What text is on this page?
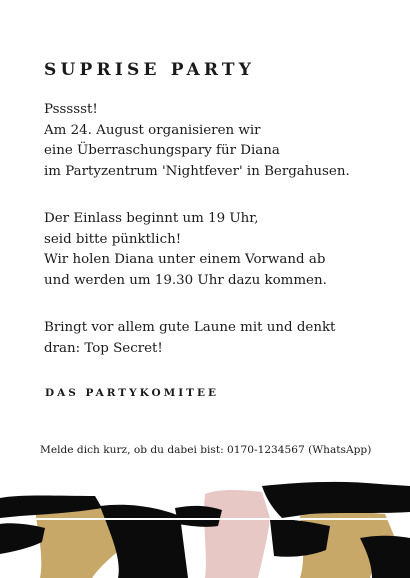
SUPRISE PARTY
Pssssst!
Am 24. August organisieren wir
eine Überraschungspary für Diana
im Partyzentrum 'Nightfever' in Bergahusen.
Der Einlass beginnt um 19 Uhr,
seid bitte pünktlich!
Wir holen Diana unter einem Vorwand ab
und werden um 19.30 Uhr dazu kommen.
Bringt vor allem gute Laune mit und denkt
dran: Top Secret!
DAS PARTYKOMITEE
Melde dich kurz, ob du dabei bist: 0170-1234567 (WhatsApp)
